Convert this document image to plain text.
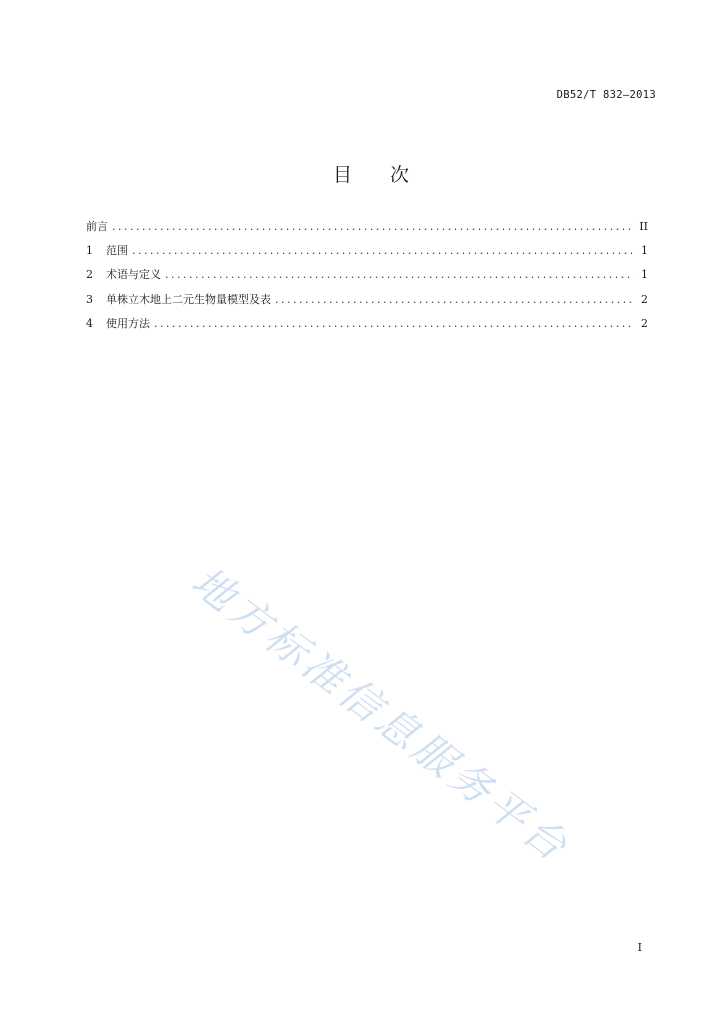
DB52/T 832—2013
目 次
前言 .....	II
1	范围 .....	1
2	术语与定义 .....	1
3	单株立木地上二元生物量模型及表 .....	2
4	使用方法 .....	2
地方标准信息服务平台
I
